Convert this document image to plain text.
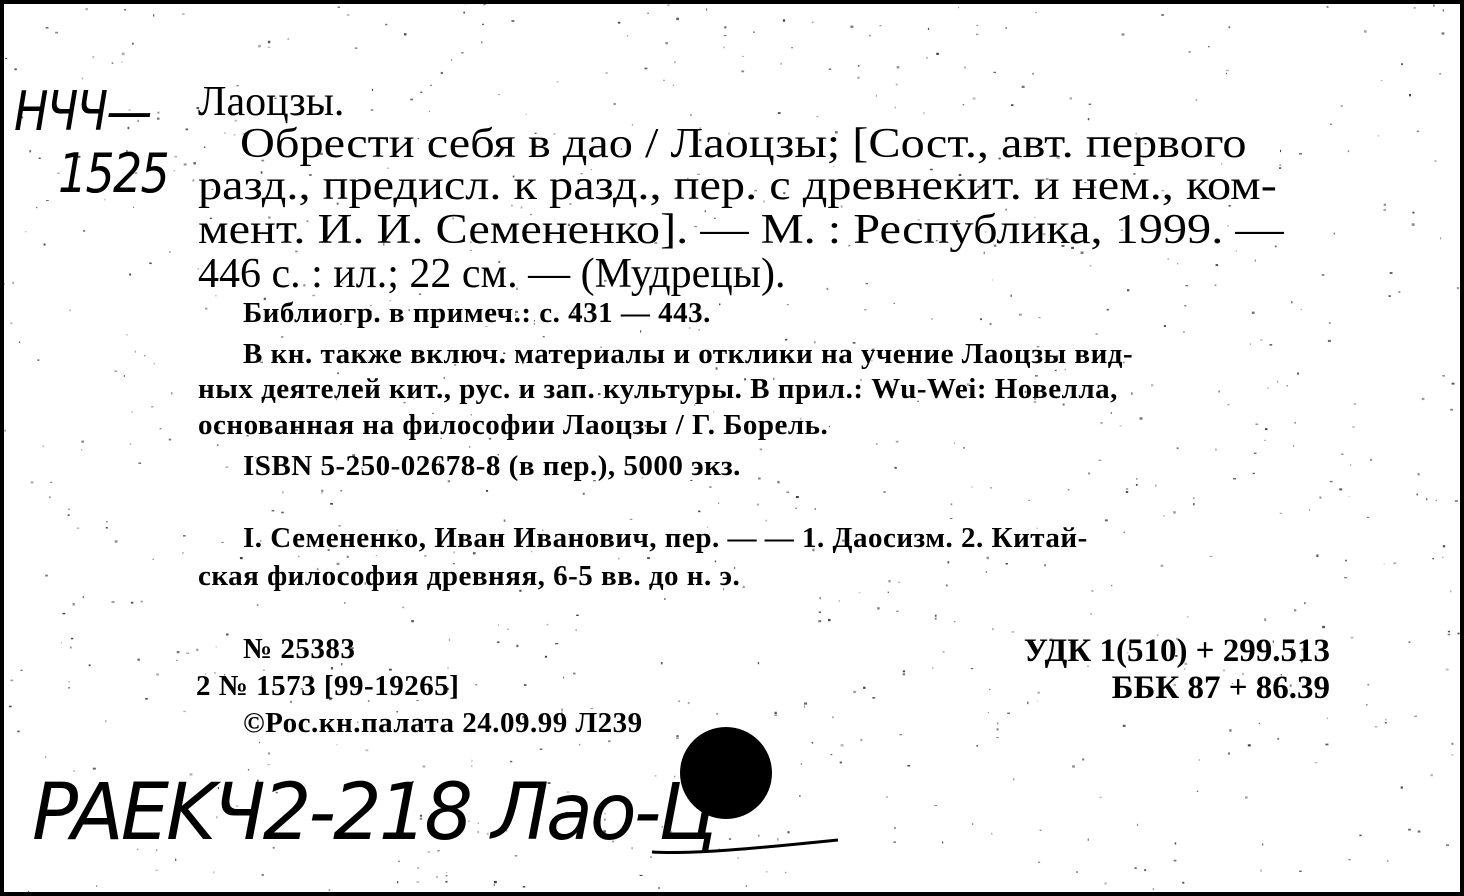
НЧЧ—
1525
Лаоцзы.
Обрести себя в дао / Лаоцзы; [Сост., авт. первого
разд., предисл. к разд., пер. с древнекит. и нем., ком-
мент. И. И. Семененко]. — М. : Республика, 1999. —
446 с. : ил.; 22 см. — (Мудрецы).
Библиогр. в примеч.: с. 431 — 443.
В кн. также включ. материалы и отклики на учение Лаоцзы вид-
ных деятелей кит., рус. и зап. культуры. В прил.: Wu-Wei: Новелла,
основанная на философии Лаоцзы / Г. Борель.
ISBN 5-250-02678-8 (в пер.), 5000 экз.
I. Семененко, Иван Иванович, пер. — — 1. Даосизм. 2. Китай-
ская философия древняя, 6-5 вв. до н. э.
№ 25383
2 № 1573 [99-19265]
©Рос.кн.палата 24.09.99 Л239
УДК 1(510) + 299.513
ББК 87 + 86.39
PAEKЧ2-218 Лао-Ц
